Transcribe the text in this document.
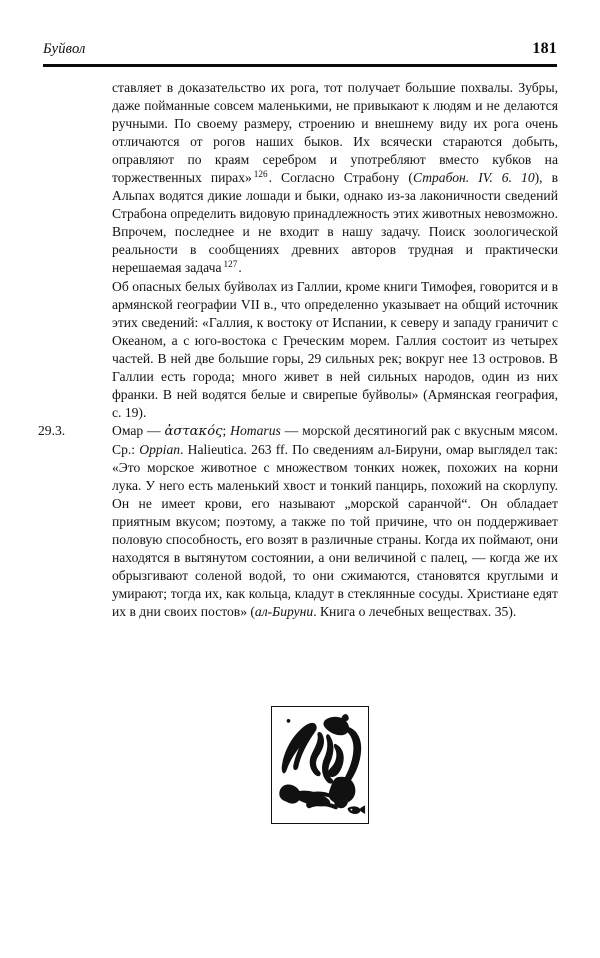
Буйвол	181

ставляет в доказательство их рога, тот получает большие похвалы. Зубры, даже пойманные совсем маленькими, не привыкают к людям и не делаются ручными. По своему размеру, строению и внешнему виду их рога очень отличаются от рогов наших быков. Их всячески стараются добыть, оправляют по краям серебром и употребляют вместо кубков на торжественных пирах» $^{126}$. Согласно Страбону (Страбон. IV. 6. 10), в Альпах водятся дикие лошади и быки, однако из-за лаконичности сведений Страбона определить видовую принадлежность этих животных невозможно. Впрочем, последнее и не входит в нашу задачу. Поиск зоологической реальности в сообщениях древних авторов трудная и практически нерешаемая задача $^{127}$.

Об опасных белых буйволах из Галлии, кроме книги Тимофея, говорится и в армянской географии VII в., что определенно указывает на общий источник этих сведений: «Галлия, к востоку от Испании, к северу и западу граничит с Океаном, а с юго-востока с Греческим морем. Галлия состоит из четырех частей. В ней две большие горы, 29 сильных рек; вокруг нее 13 островов. В Галлии есть города; много живет в ней сильных народов, один из них франки. В ней водятся белые и свирепые буйволы» (Армянская география, с. 19).

29.3.	Омар — ἀστακός; Homarus — морской десятиногий рак с вкусным мясом. Ср.: Oppian. Halieutica. 263 ff. По сведениям ал-Бируни, омар выглядел так: «Это морское животное с множеством тонких ножек, похожих на корни лука. У него есть маленький хвост и тонкий панцирь, похожий на скорлупу. Он не имеет крови, его называют „морской саранчой“. Он обладает приятным вкусом; поэтому, а также по той причине, что он поддерживает половую способность, его возят в различные страны. Когда их поймают, они находятся в вытянутом состоянии, а они величиной с палец, — когда же их обрызгивают соленой водой, то они сжимаются, становятся круглыми и умирают; тогда их, как кольца, кладут в стеклянные сосуды. Христиане едят их в дни своих постов» (ал-Бируни. Книга о лечебных веществах. 35).
